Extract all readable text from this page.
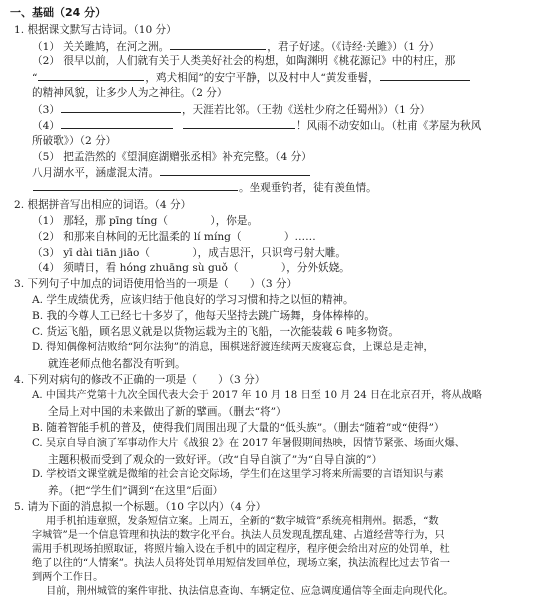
一、基础（24 分）
1. 根据课文默写古诗词。（10 分）
（1） 关关雎鸠，在河之洲。	，君子好逑。（《诗经·关雎》）（1 分）
（2） 很早以前，人们就有关于人类美好社会的构想，如陶渊明《桃花源记》中的村庄，那
“	，鸡犬相闻”的安宁平静，以及村中人“黄发垂髫，
的精神风貌，让多少人为之神往。（2 分）
（3）	，天涯若比邻。（王勃《送杜少府之任蜀州》）（1 分）
（4）	！风雨不动安如山。（杜甫《茅屋为秋风
所破歌》）（2 分）
（5） 把孟浩然的《望洞庭湖赠张丞相》补充完整。（4 分）
八月湖水平，涵虚混太清。
。坐观垂钓者，徒有羡鱼情。
2. 根据拼音写出相应的词语。（4 分）
（1） 那轻，那 pīng tíng（　　　　），你是。
（2） 和那来自林间的无比温柔的 lí míng（　　　　）……
（3） yī dài tiān jiāo（　　　　），成吉思汗，只识弯弓射大雕。
（4） 须晴日，看 hóng zhuāng sù guǒ（　　　　），分外妖娆。
3. 下列句子中加点的词语使用恰当的一项是（　　）（3 分）
A. 学生成绩优秀，应该归结于他良好的学习习惯和持之以恒的精神。
B. 我的今尊人工已经七十多岁了，他每天坚持去跳广场舞，身体棒棒的。
C. 货运飞船，顾名思义就是以货物运载为主的飞船，一次能装载 6 吨多物资。
D. 得知偶像柯洁败给“阿尔法狗”的消息，围棋迷舒渡连续两天废寝忘食，上课总是走神，
就连老师点他名都没有听到。
4. 下列对病句的修改不正确的一项是（　　）（3 分）
A. 中国共产党第十九次全国代表大会于 2017 年 10 月 18 日至 10 月 24 日在北京召开，将从战略
全局上对中国的未来做出了新的擘画。（删去“将”）
B. 随着智能手机的普及，使得我们周围出现了大量的“低头族”。（删去“随着”或“使得”）
C. 吴京自导自演了军事动作大片《战狼 2》在 2017 年暑假期间热映，因情节紧张、场面火爆、
主题积极而受到了观众的一致好评。（改“自导自演了”为“自导自演的”）
D. 学校语文课堂就是微缩的社会言论交际场，学生们在这里学习将来所需要的言语知识与素
养。（把“学生们”调到“在这里”后面）
5. 请为下面的消息拟一个标题。（10 字以内）（4 分）
用手机拍违章照，发条短信立案。上周五，全新的“数字城管”系统亮相荆州。据悉，“数
字城管”是一个信息管理和执法的数字化平台。执法人员发现乱摆乱建、占道经营等行为，只
需用手机现场拍照取证，将照片输入设在手机中的固定程序，程序便会给出对应的处罚单，杜
绝了以往的“人情案”。执法人员将处罚单用短信发回单位，现场立案，执法流程比过去节省一
到两个工作日。
目前，荆州城管的案件审批、执法信息查询、车辆定位、应急调度通信等全面走向现代化。
